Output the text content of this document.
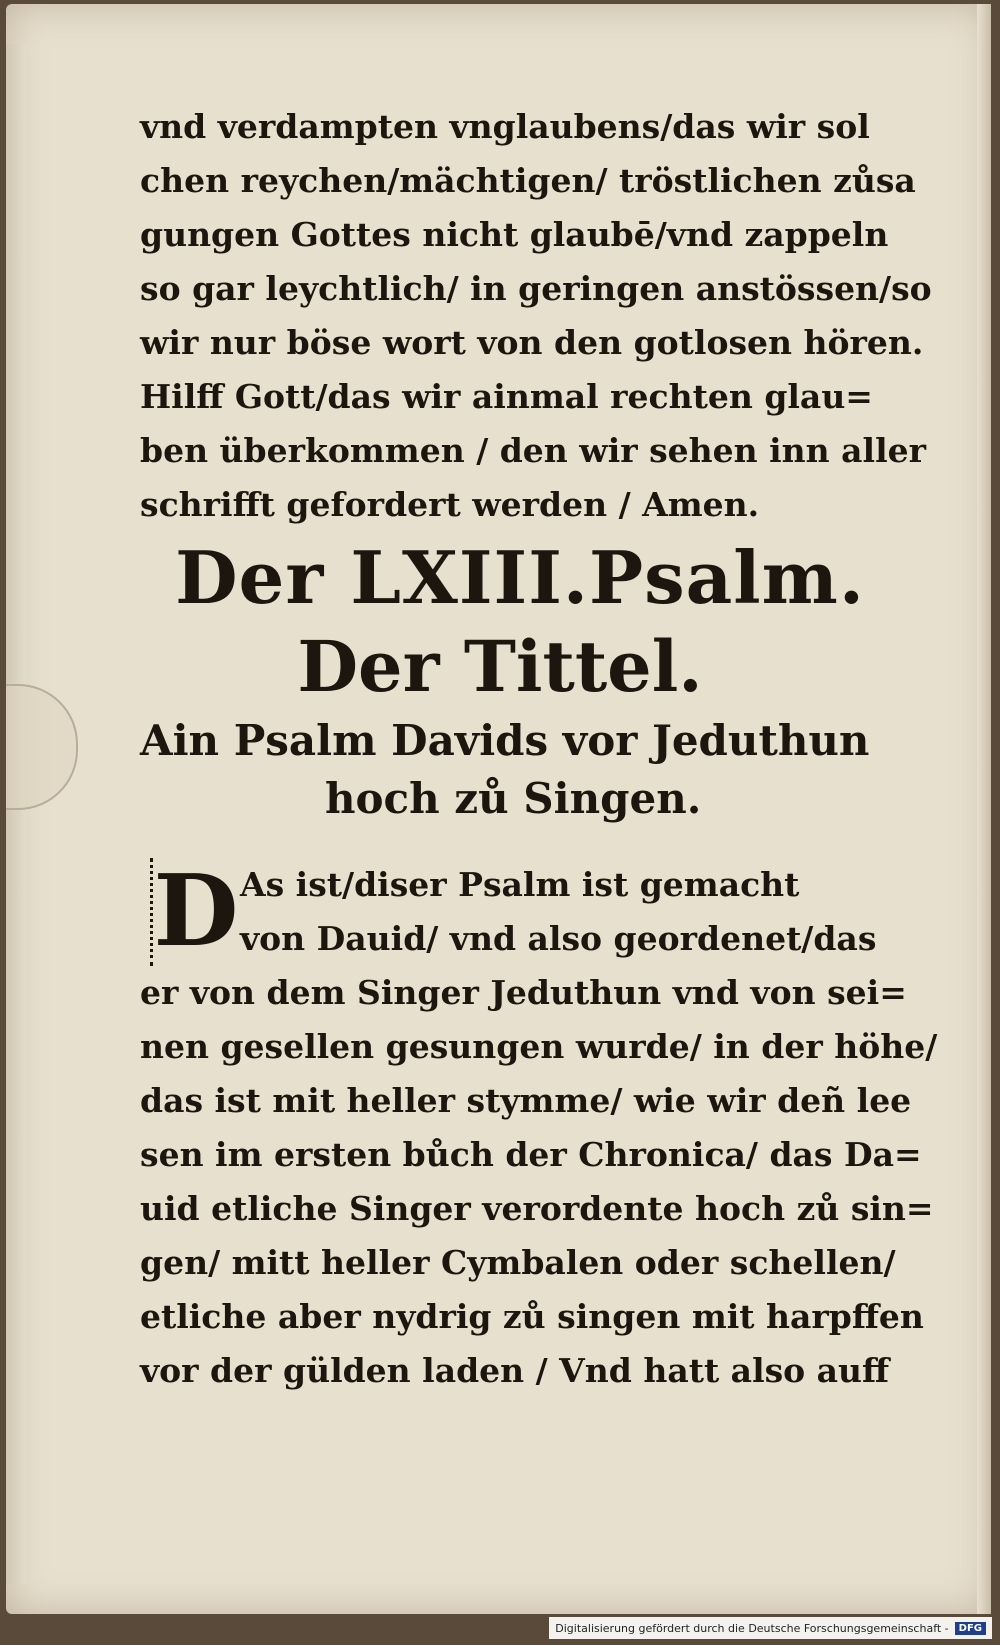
vnd verdampten vnglaubens/das wir sol
chen reychen/mächtigen/ tröstlichen zůsa
gungen Gottes nicht glaubē/vnd zappeln
so gar leychtlich/ in geringen anstössen/so
wir nur böse wort von den gotlosen hören.
Hilff Gott/das wir ainmal rechten glau=
ben überkommen / den wir sehen inn aller
schrifft gefordert werden / Amen.
Der LXIII.Psalm.
Der Tittel.
Ain Psalm Davids vor Jeduthun
hoch zů Singen.
D As ist/diser Psalm ist gemacht
von Dauid/ vnd also geordenet/das
er von dem Singer Jeduthun vnd von sei=
nen gesellen gesungen wurde/ in der höhe/
das ist mit heller stymme/ wie wir deñ lee
sen im ersten bůch der Chronica/ das Da=
uid etliche Singer verordente hoch zů sin=
gen/ mitt heller Cymbalen oder schellen/
etliche aber nydrig zů singen mit harpffen
vor der gülden laden / Vnd hatt also auff
Digitalisierung gefördert durch die Deutsche Forschungsgemeinschaft -	DFG
